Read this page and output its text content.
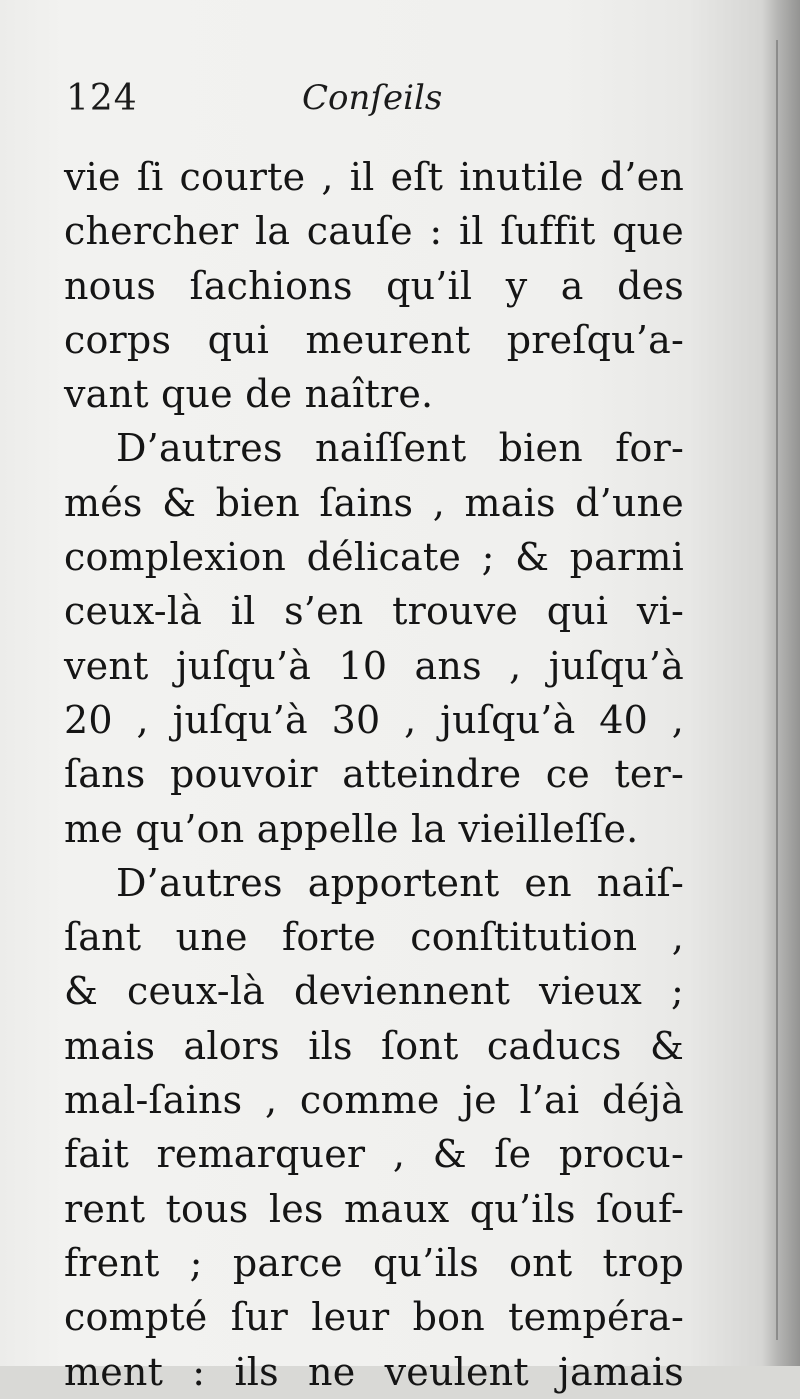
124	Conſeils
vie ſi courte , il eſt inutile d’en
chercher la cauſe : il ſuffit que
nous ſachions qu’il y a des
corps qui meurent preſqu’a-
vant que de naître.
D’autres naiſſent bien for-
més & bien ſains , mais d’une
complexion délicate ; & parmi
ceux-là il s’en trouve qui vi-
vent juſqu’à 10 ans , juſqu’à
20 , juſqu’à 30 , juſqu’à 40 ,
ſans pouvoir atteindre ce ter-
me qu’on appelle la vieilleſſe.
D’autres apportent en naiſ-
ſant une forte conſtitution ,
& ceux-là deviennent vieux ;
mais alors ils ſont caducs &
mal-ſains , comme je l’ai déjà
fait remarquer , & ſe procu-
rent tous les maux qu’ils ſouf-
frent ; parce qu’ils ont trop
compté ſur leur bon tempéra-
ment : ils ne veulent jamais
